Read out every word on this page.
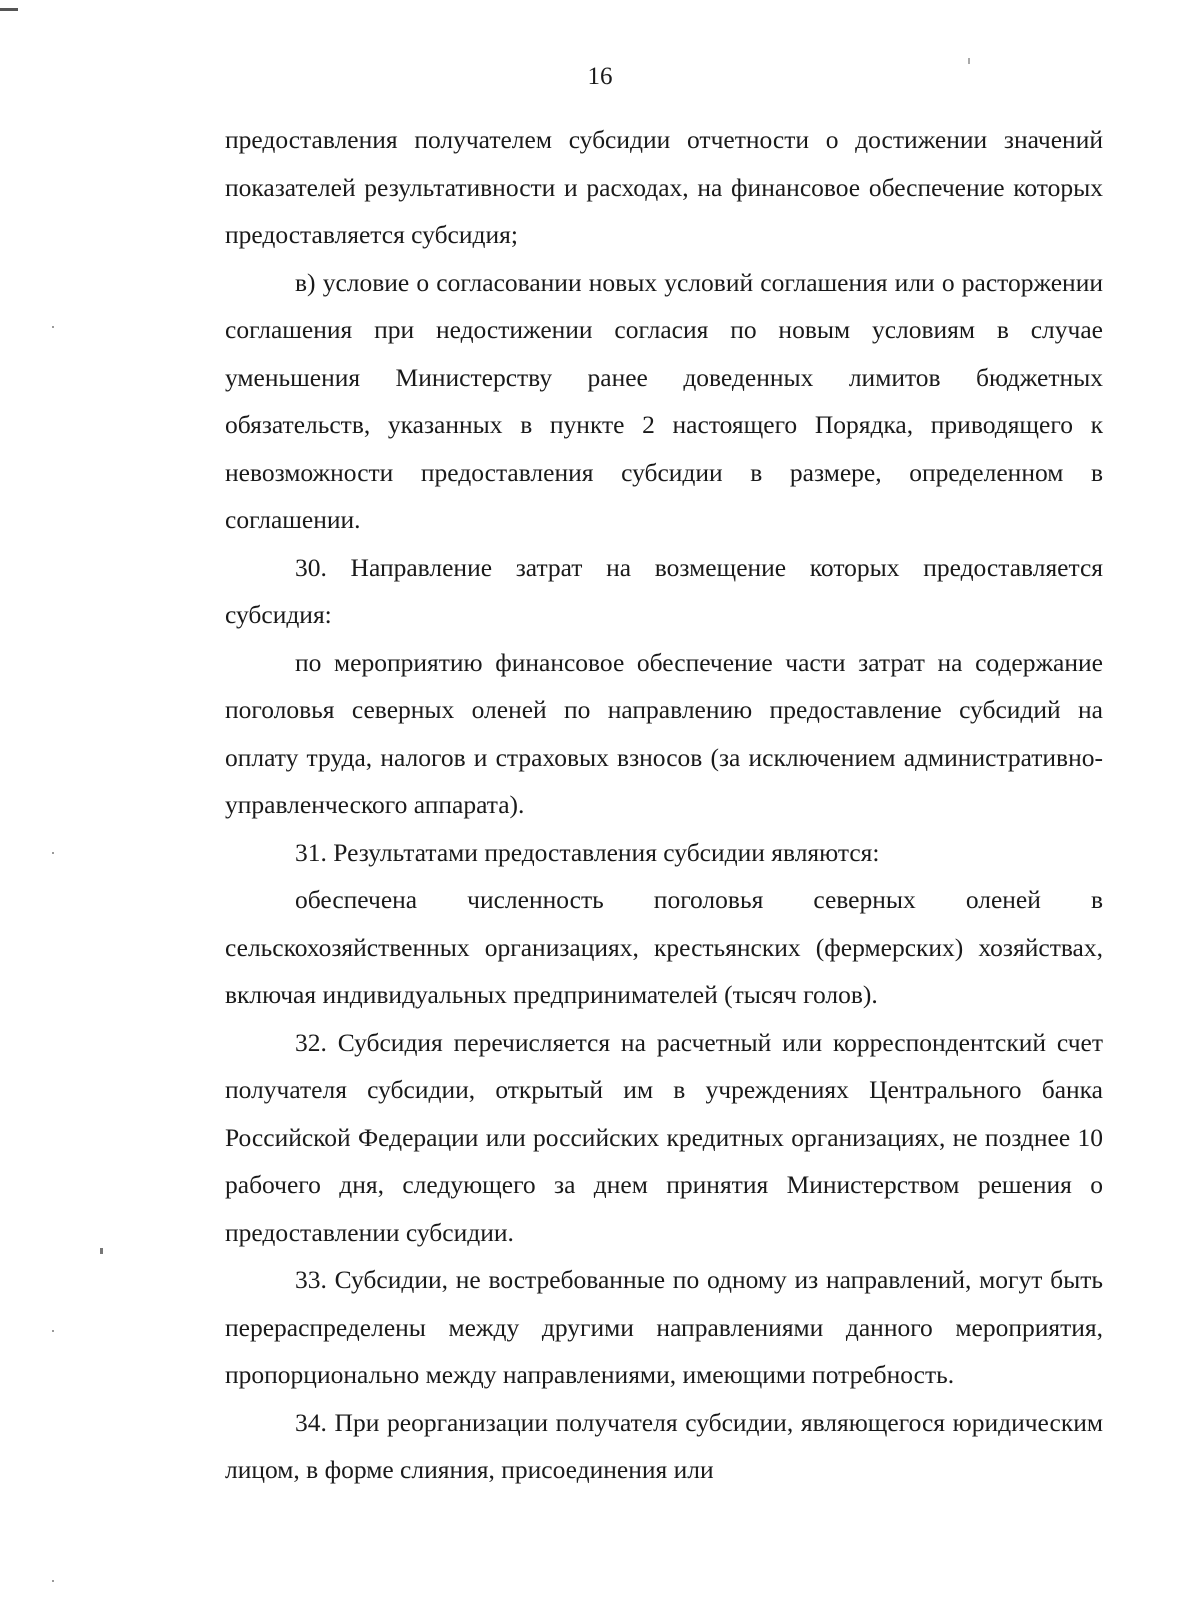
16

предоставления получателем субсидии отчетности о достижении значений показателей результативности и расходах, на финансовое обеспечение которых предоставляется субсидия;

в) условие о согласовании новых условий соглашения или о расторжении соглашения при недостижении согласия по новым условиям в случае уменьшения Министерству ранее доведенных лимитов бюджетных обязательств, указанных в пункте 2 настоящего Порядка, приводящего к невозможности предоставления субсидии в размере, определенном в соглашении.

30. Направление затрат на возмещение которых предоставляется субсидия:

по мероприятию финансовое обеспечение части затрат на содержание поголовья северных оленей по направлению предоставление субсидий на оплату труда, налогов и страховых взносов (за исключением административно-управленческого аппарата).

31. Результатами предоставления субсидии являются:

обеспечена численность поголовья северных оленей в сельскохозяйственных организациях, крестьянских (фермерских) хозяйствах, включая индивидуальных предпринимателей (тысяч голов).

32. Субсидия перечисляется на расчетный или корреспондентский счет получателя субсидии, открытый им в учреждениях Центрального банка Российской Федерации или российских кредитных организациях, не позднее 10 рабочего дня, следующего за днем принятия Министерством решения о предоставлении субсидии.

33. Субсидии, не востребованные по одному из направлений, могут быть перераспределены между другими направлениями данного мероприятия, пропорционально между направлениями, имеющими потребность.

34. При реорганизации получателя субсидии, являющегося юридическим лицом, в форме слияния, присоединения или
